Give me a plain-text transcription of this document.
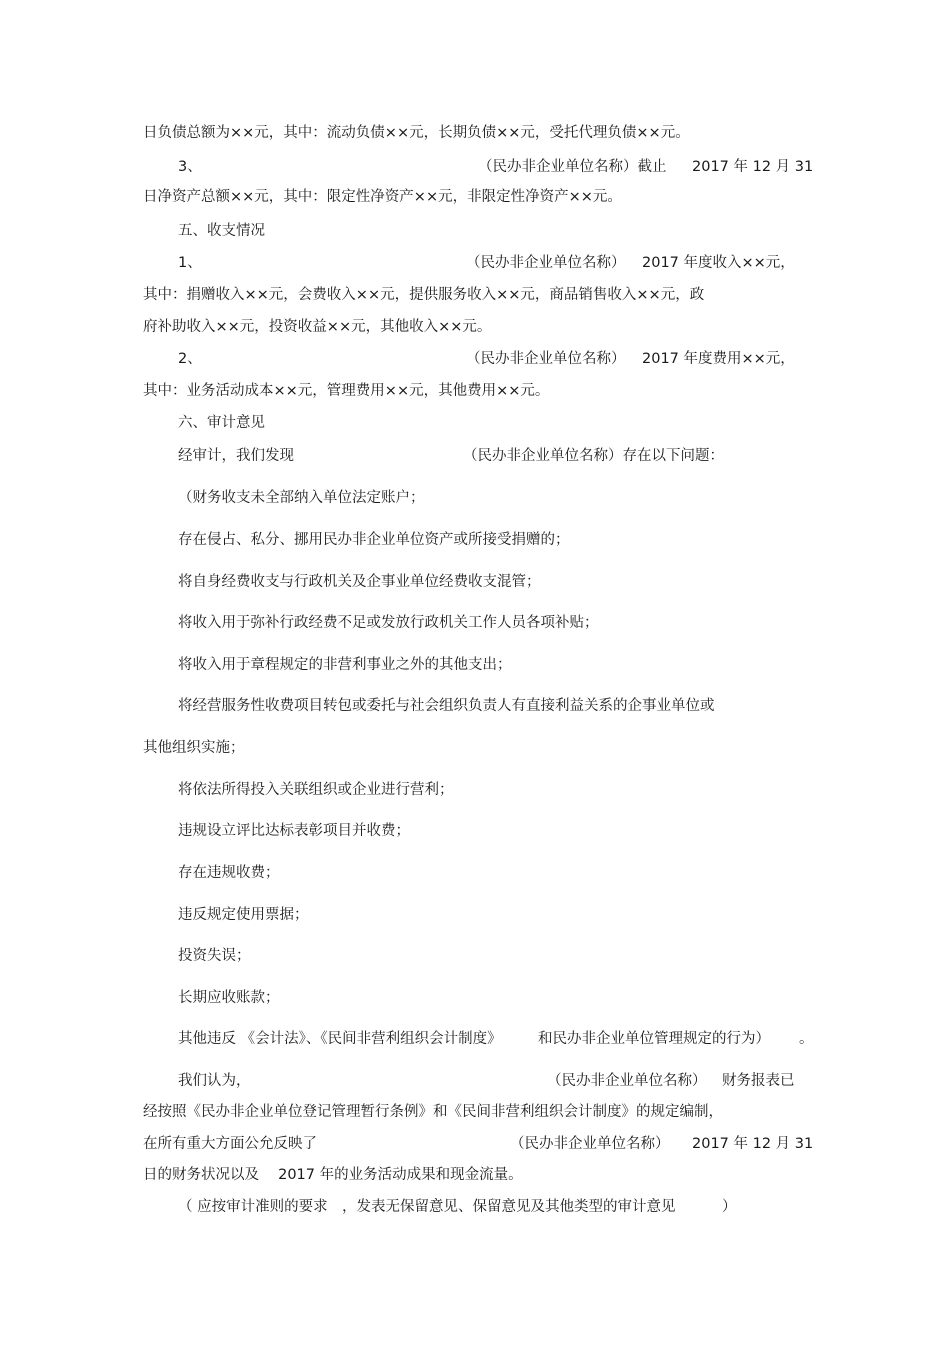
日负债总额为××元，其中：流动负债××元，长期负债××元，受托代理负债××元。
3、	（民办非企业单位名称）截止 2017 年 12 月 31
日净资产总额××元，其中：限定性净资产××元，非限定性净资产××元。
五、收支情况
1、	（民办非企业单位名称） 2017 年度收入××元，
其中：捐赠收入××元，会费收入××元，提供服务收入××元，商品销售收入××元，政
府补助收入××元，投资收益××元，其他收入××元。
2、	（民办非企业单位名称） 2017 年度费用××元，
其中：业务活动成本××元，管理费用××元，其他费用××元。
六、审计意见
经审计，我们发现	（民办非企业单位名称）存在以下问题：
（财务收支未全部纳入单位法定账户；
存在侵占、私分、挪用民办非企业单位资产或所接受捐赠的；
将自身经费收支与行政机关及企事业单位经费收支混管；
将收入用于弥补行政经费不足或发放行政机关工作人员各项补贴；
将收入用于章程规定的非营利事业之外的其他支出；
将经营服务性收费项目转包或委托与社会组织负责人有直接利益关系的企事业单位或
其他组织实施；
将依法所得投入关联组织或企业进行营利；
违规设立评比达标表彰项目并收费；
存在违规收费；
违反规定使用票据；
投资失误；
长期应收账款；
其他违反 《会计法》、《民间非营利组织会计制度》	和民办非企业单位管理规定的行为） 。
我们认为，	（民办非企业单位名称） 财务报表已
经按照《民办非企业单位登记管理暂行条例》和《民间非营利组织会计制度》的规定编制，
在所有重大方面公允反映了	（民办非企业单位名称） 2017 年 12 月 31
日的财务状况以及　 2017 年的业务活动成果和现金流量。
（ 应按审计准则的要求 ，发表无保留意见、保留意见及其他类型的审计意见	）
